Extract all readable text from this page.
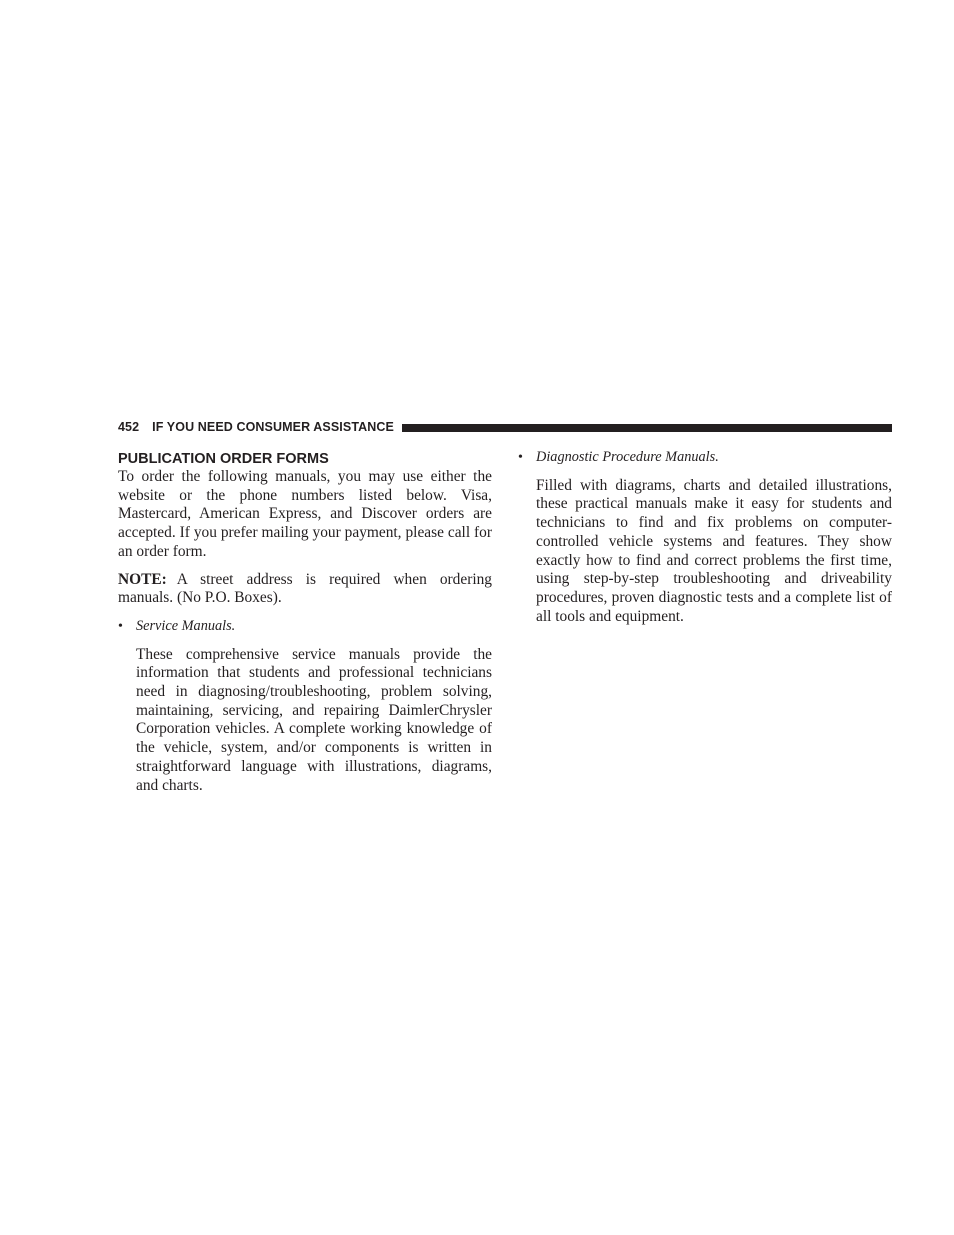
452 IF YOU NEED CONSUMER ASSISTANCE
PUBLICATION ORDER FORMS

To order the following manuals, you may use either the website or the phone numbers listed below. Visa, Mastercard, American Express, and Discover orders are accepted. If you prefer mailing your payment, please call for an order form.

NOTE: A street address is required when ordering manuals. (No P.O. Boxes).

• Service Manuals.

These comprehensive service manuals provide the information that students and professional technicians need in diagnosing/troubleshooting, problem solving, maintaining, servicing, and repairing DaimlerChrysler Corporation vehicles. A complete working knowledge of the vehicle, system, and/or components is written in straightforward language with illustrations, diagrams, and charts.

• Diagnostic Procedure Manuals.

Filled with diagrams, charts and detailed illustrations, these practical manuals make it easy for students and technicians to find and fix problems on computer-controlled vehicle systems and features. They show exactly how to find and correct problems the first time, using step-by-step troubleshooting and driveability procedures, proven diagnostic tests and a complete list of all tools and equipment.
